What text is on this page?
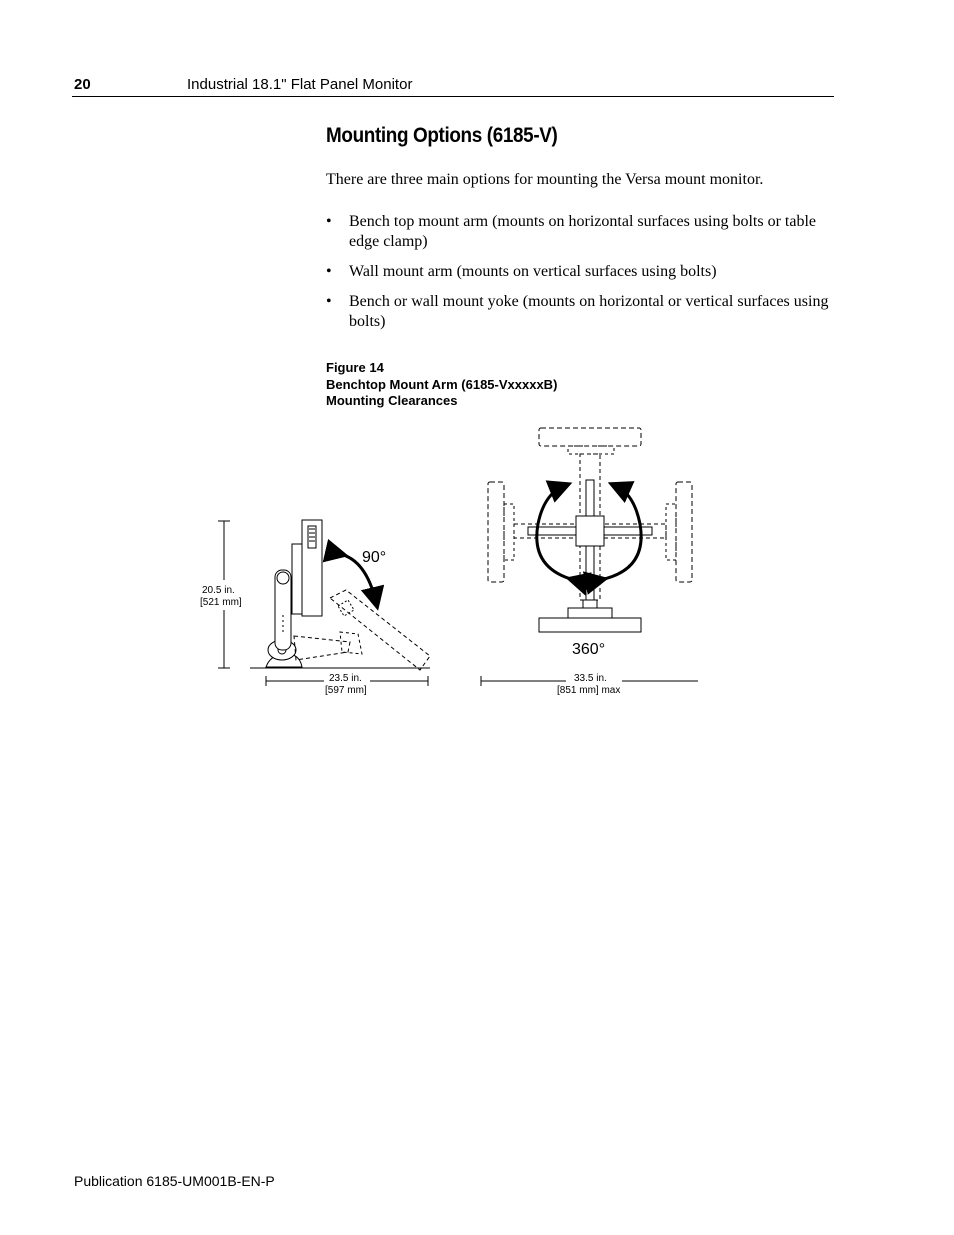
20	Industrial 18.1" Flat Panel Monitor
Mounting Options (6185-V)
There are three main options for mounting the Versa mount monitor.
• Bench top mount arm (mounts on horizontal surfaces using bolts or table edge clamp)
• Wall mount arm (mounts on vertical surfaces using bolts)
• Bench or wall mount yoke (mounts on horizontal or vertical surfaces using bolts)
Figure 14
Benchtop Mount Arm (6185-VxxxxxB)
Mounting Clearances
20.5 in.
[521 mm]
90°
23.5 in.
[597 mm]
360°
33.5 in.
[851 mm] max
Publication 6185-UM001B-EN-P
